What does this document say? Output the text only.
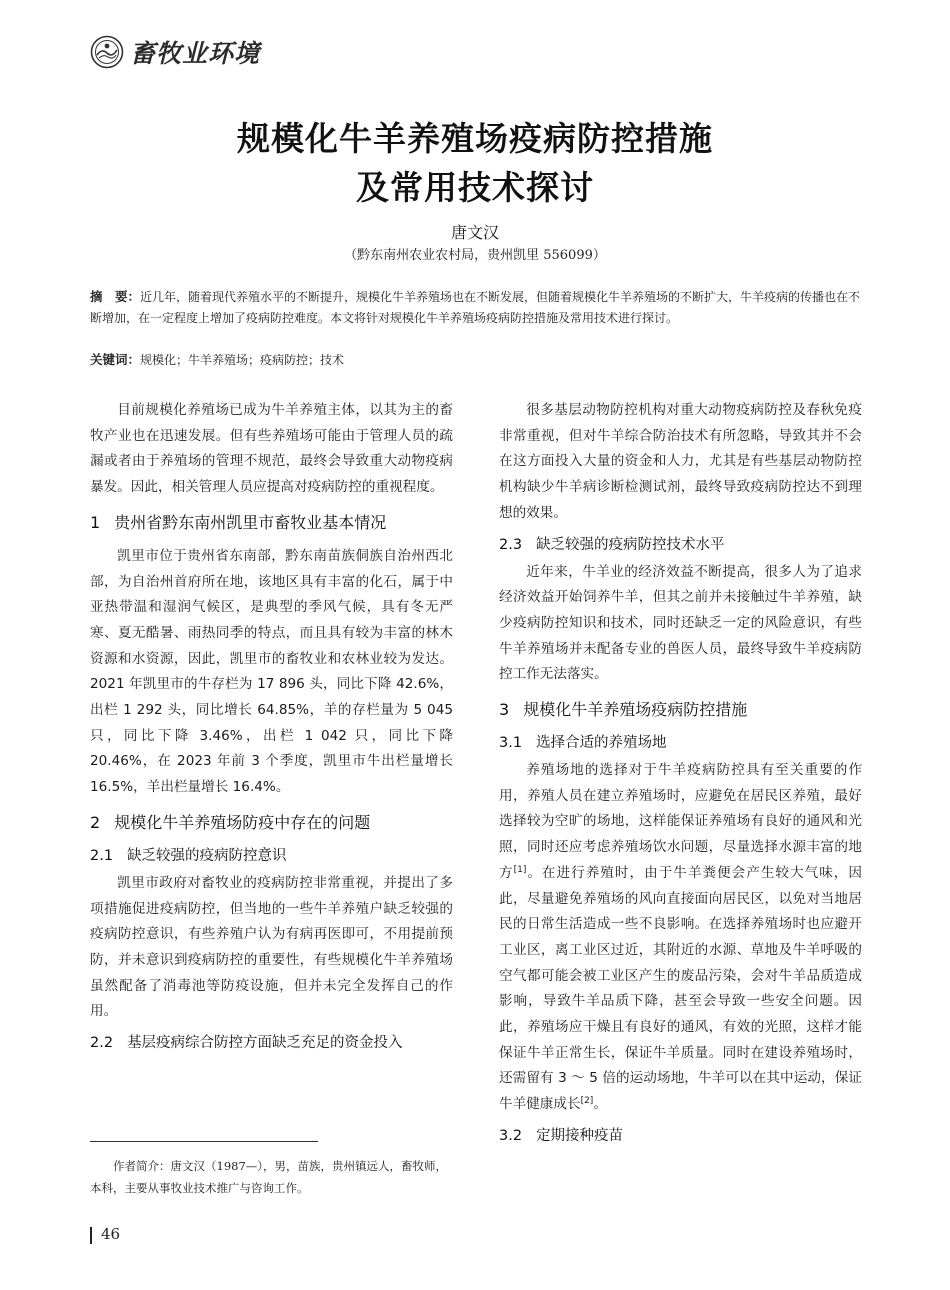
畜牧业环境
规模化牛羊养殖场疫病防控措施
及常用技术探讨
唐文汉
（黔东南州农业农村局，贵州凯里 556099）
摘　要：近几年，随着现代养殖水平的不断提升，规模化牛羊养殖场也在不断发展，但随着规模化牛羊养殖场的不断扩大，牛羊疫病的传播也在不断增加，在一定程度上增加了疫病防控难度。本文将针对规模化牛羊养殖场疫病防控措施及常用技术进行探讨。
关键词：规模化；牛羊养殖场；疫病防控；技术

目前规模化养殖场已成为牛羊养殖主体，以其为主的畜牧产业也在迅速发展。但有些养殖场可能由于管理人员的疏漏或者由于养殖场的管理不规范，最终会导致重大动物疫病暴发。因此，相关管理人员应提高对疫病防控的重视程度。

1 贵州省黔东南州凯里市畜牧业基本情况

凯里市位于贵州省东南部，黔东南苗族侗族自治州西北部，为自治州首府所在地，该地区具有丰富的化石，属于中亚热带温和湿润气候区，是典型的季风气候，具有冬无严寒、夏无酷暑、雨热同季的特点，而且具有较为丰富的林木资源和水资源，因此，凯里市的畜牧业和农林业较为发达。2021 年凯里市的牛存栏为 17 896 头，同比下降 42.6%，出栏 1 292 头，同比增长 64.85%，羊的存栏量为 5 045 只，同比下降 3.46%，出栏 1 042 只，同比下降 20.46%，在 2023 年前 3 个季度，凯里市牛出栏量增长 16.5%，羊出栏量增长 16.4%。

2 规模化牛羊养殖场防疫中存在的问题
2.1 缺乏较强的疫病防控意识

凯里市政府对畜牧业的疫病防控非常重视，并提出了多项措施促进疫病防控，但当地的一些牛羊养殖户缺乏较强的疫病防控意识，有些养殖户认为有病再医即可，不用提前预防，并未意识到疫病防控的重要性，有些规模化牛羊养殖场虽然配备了消毒池等防疫设施，但并未完全发挥自己的作用。

2.2 基层疫病综合防控方面缺乏充足的资金投入

很多基层动物防控机构对重大动物疫病防控及春秋免疫非常重视，但对牛羊综合防治技术有所忽略，导致其并不会在这方面投入大量的资金和人力，尤其是有些基层动物防控机构缺少牛羊病诊断检测试剂，最终导致疫病防控达不到理想的效果。

2.3 缺乏较强的疫病防控技术水平

近年来，牛羊业的经济效益不断提高，很多人为了追求经济效益开始饲养牛羊，但其之前并未接触过牛羊养殖，缺少疫病防控知识和技术，同时还缺乏一定的风险意识，有些牛羊养殖场并未配备专业的兽医人员，最终导致牛羊疫病防控工作无法落实。

3 规模化牛羊养殖场疫病防控措施
3.1 选择合适的养殖场地

养殖场地的选择对于牛羊疫病防控具有至关重要的作用，养殖人员在建立养殖场时，应避免在居民区养殖，最好选择较为空旷的场地，这样能保证养殖场有良好的通风和光照，同时还应考虑养殖场饮水问题，尽量选择水源丰富的地方[1]。在进行养殖时，由于牛羊粪便会产生较大气味，因此，尽量避免养殖场的风向直接面向居民区，以免对当地居民的日常生活造成一些不良影响。在选择养殖场时也应避开工业区，离工业区过近，其附近的水源、草地及牛羊呼吸的空气都可能会被工业区产生的废品污染，会对牛羊品质造成影响，导致牛羊品质下降，甚至会导致一些安全问题。因此，养殖场应干燥且有良好的通风，有效的光照，这样才能保证牛羊正常生长，保证牛羊质量。同时在建设养殖场时，还需留有 3 ～ 5 倍的运动场地，牛羊可以在其中运动，保证牛羊健康成长[2]。

3.2 定期接种疫苗
作者简介：唐文汉（1987—），男，苗族，贵州镇远人，畜牧师，本科，主要从事牧业技术推广与咨询工作。
46
